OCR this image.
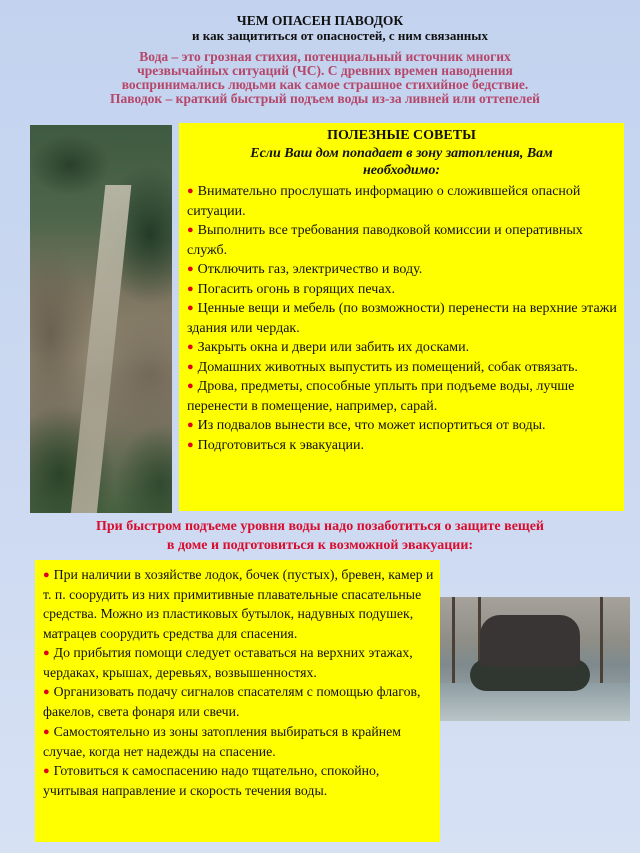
ЧЕМ ОПАСЕН ПАВОДОК
и как защититься от опасностей, с ним связанных
Вода – это грозная стихия, потенциальный источник многих
чрезвычайных ситуаций (ЧС). С древних времен наводнения
воспринимались людьми как самое страшное стихийное бедствие.
Паводок – краткий быстрый подъем воды из-за ливней или оттепелей
ПОЛЕЗНЫЕ СОВЕТЫ
Если Ваш дом попадает в зону затопления, Вам
необходимо:
● Внимательно прослушать информацию о сложившейся опасной ситуации.
● Выполнить все требования паводковой комиссии и оперативных служб.
● Отключить газ, электричество и воду.
● Погасить огонь в горящих печах.
● Ценные вещи и мебель (по возможности) перенести на верхние этажи здания или чердак.
● Закрыть окна и двери или забить их досками.
● Домашних животных выпустить из помещений, собак отвязать.
● Дрова, предметы, способные уплыть при подъеме воды, лучше перенести в помещение, например, сарай.
● Из подвалов вынести все, что может испортиться от воды.
● Подготовиться к эвакуации.
При быстром подъеме уровня воды надо позаботиться о защите вещей
в доме и подготовиться к возможной эвакуации:
● При наличии в хозяйстве лодок, бочек (пустых), бревен, камер и т. п. соорудить из них примитивные плавательные спасательные средства. Можно из пластиковых бутылок, надувных подушек, матрацев соорудить средства для спасения.
● До прибытия помощи следует оставаться на верхних этажах, чердаках, крышах, деревьях, возвышенностях.
● Организовать подачу сигналов спасателям с помощью флагов, факелов, света фонаря или свечи.
● Самостоятельно из зоны затопления выбираться в крайнем случае, когда нет надежды на спасение.
● Готовиться к самоспасению надо тщательно, спокойно, учитывая направление и скорость течения воды.
